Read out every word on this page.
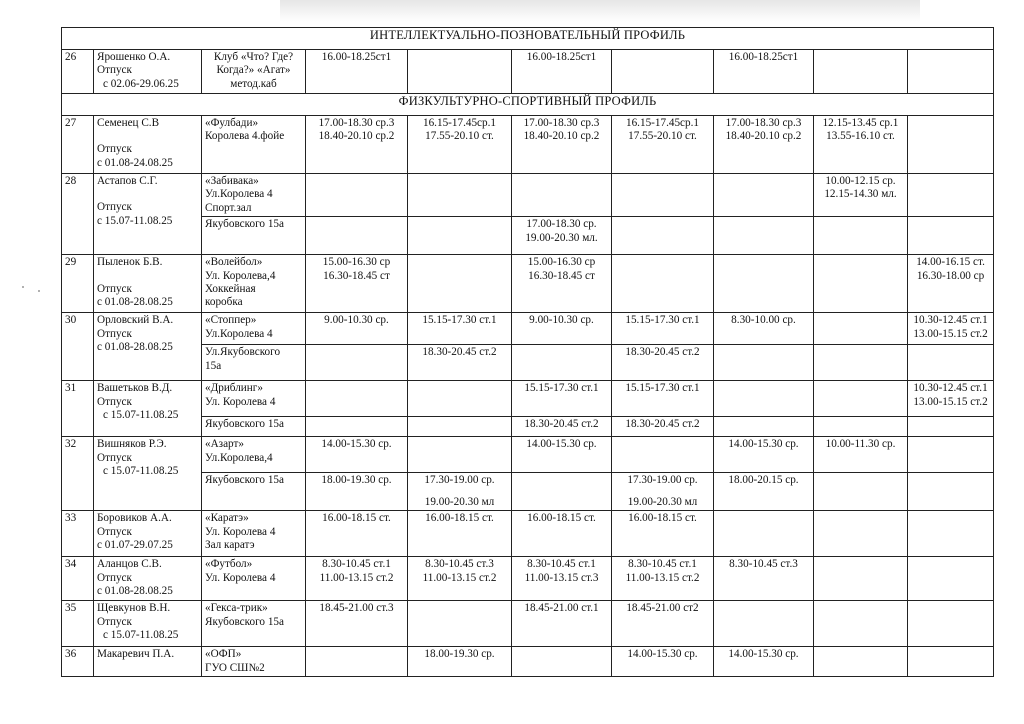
ИНТЕЛЛЕКТУАЛЬНО-ПОЗНОВАТЕЛЬНЫЙ ПРОФИЛЬ									
26	Ярошенко О.А.
Отпуск
с 02.06-29.06.25	Клуб «Что? Где?
Когда?» «Агат»
метод.каб	16.00-18.25ст1		16.00-18.25ст1		16.00-18.25ст1		
ФИЗКУЛЬТУРНО-СПОРТИВНЫЙ ПРОФИЛЬ									
27	Семенец С.В
Отпуск
с 01.08-24.08.25	«Фулбади»
Королева 4.фойе	17.00-18.30 ср.3
18.40-20.10 ср.2	16.15-17.45ср.1
17.55-20.10 ст.	17.00-18.30 ср.3
18.40-20.10 ср.2	16.15-17.45ср.1
17.55-20.10 ст.	17.00-18.30 ср.3
18.40-20.10 ср.2	12.15-13.45 ср.1
13.55-16.10 ст.	

28	Астапов С.Г.
Отпуск
с 15.07-11.08.25	«Забивака»
Ул.Королева 4
Спорт.зал						10.00-12.15 ср.
12.15-14.30 мл.	

		Якубовского 15а			17.00-18.30 ср.
19.00-20.30 мл.				

29	Пыленок Б.В.
Отпуск
с 01.08-28.08.25	«Волейбол»
Ул. Королева,4
Хоккейная
коробка	15.00-16.30 ср
16.30-18.45 ст		15.00-16.30 ср
16.30-18.45 ст				14.00-16.15 ст.
16.30-18.00 ср

30	Орловский В.А.
Отпуск
с 01.08-28.08.25	«Стоппер»
Ул.Королева 4	9.00-10.30 ср.	15.15-17.30 ст.1	9.00-10.30 ср.	15.15-17.30 ст.1	8.30-10.00 ср.		10.30-12.45 ст.1
13.00-15.15 ст.2

		Ул.Якубовского
15а		18.30-20.45 ст.2		18.30-20.45 ст.2			
31	Вашетьков В.Д.
Отпуск
с 15.07-11.08.25	«Дриблинг»
Ул. Королева 4			15.15-17.30 ст.1	15.15-17.30 ст.1			10.30-12.45 ст.1
13.00-15.15 ст.2

		Якубовского 15а			18.30-20.45 ст.2	18.30-20.45 ст.2			
32	Вишняков Р.Э.
Отпуск
с 15.07-11.08.25	«Азарт»
Ул.Королева,4	14.00-15.30 ср.		14.00-15.30 ср.		14.00-15.30 ср.	10.00-11.30 ср.	
		Якубовского 15а	18.00-19.30 ср.	17.30-19.00 ср.
19.00-20.30 мл		17.30-19.00 ср.
19.00-20.30 мл	18.00-20.15 ср.		
33	Боровиков А.А.
Отпуск
с 01.07-29.07.25	«Каратэ»
Ул. Королева 4
Зал каратэ	16.00-18.15 ст.	16.00-18.15 ст.	16.00-18.15 ст.	16.00-18.15 ст.			
34	Аланцов С.В.
Отпуск
с 01.08-28.08.25	«Футбол»
Ул. Королева 4	8.30-10.45 ст.1
11.00-13.15 ст.2	8.30-10.45 ст.3
11.00-13.15 ст.2	8.30-10.45 ст.1
11.00-13.15 ст.3	8.30-10.45 ст.1
11.00-13.15 ст.2	8.30-10.45 ст.3		
35	Щевкунов В.Н.
Отпуск
с 15.07-11.08.25	«Гекса-трик»
Якубовского 15а	18.45-21.00 ст.3		18.45-21.00 ст.1	18.45-21.00 ст2			
36	Макаревич П.А.	«ОФП»
ГУО СШ№2		18.00-19.30 ср.		14.00-15.30 ср.	14.00-15.30 ср.		
